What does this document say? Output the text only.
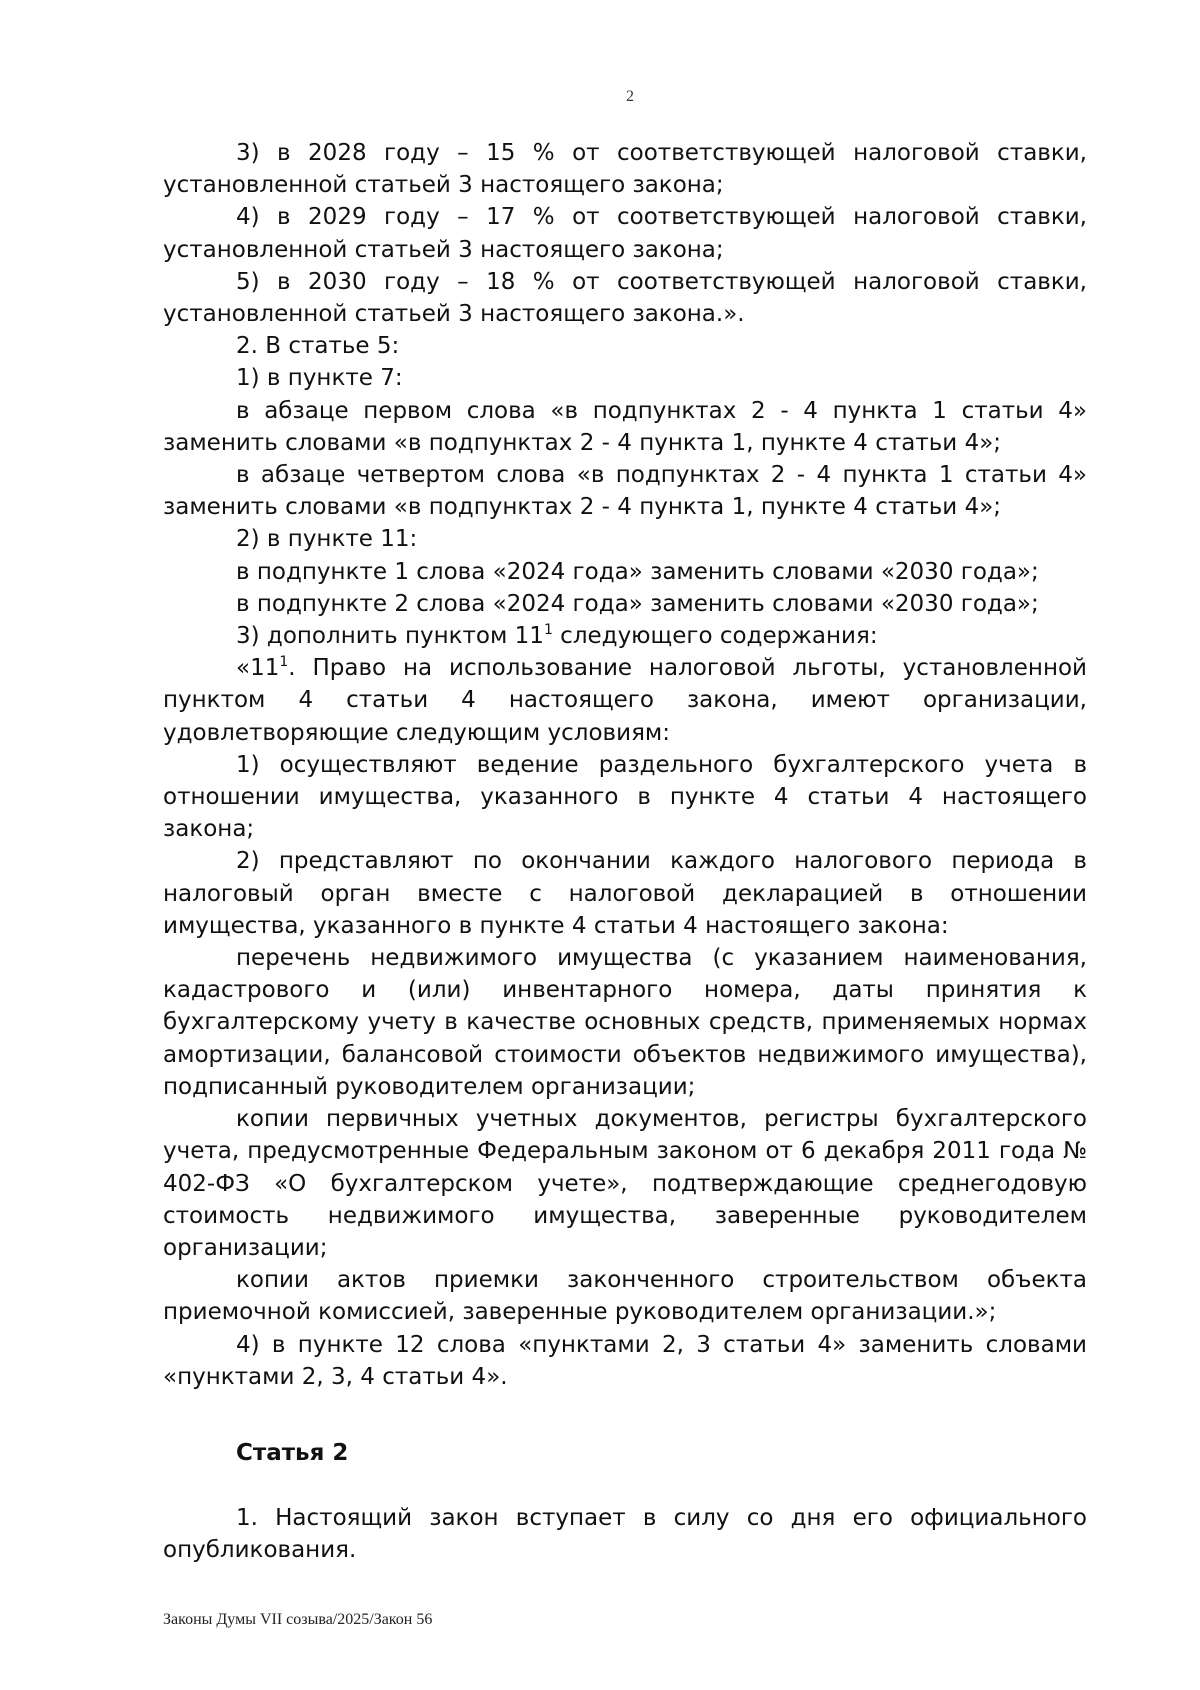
2

3) в 2028 году – 15 % от соответствующей налоговой ставки, установленной статьей 3 настоящего закона;

4) в 2029 году – 17 % от соответствующей налоговой ставки, установленной статьей 3 настоящего закона;

5) в 2030 году – 18 % от соответствующей налоговой ставки, установленной статьей 3 настоящего закона.».

2. В статье 5:

1) в пункте 7:

в абзаце первом слова «в подпунктах 2 - 4 пункта 1 статьи 4» заменить словами «в подпунктах 2 - 4 пункта 1, пункте 4 статьи 4»;

в абзаце четвертом слова «в подпунктах 2 - 4 пункта 1 статьи 4» заменить словами «в подпунктах 2 - 4 пункта 1, пункте 4 статьи 4»;

2) в пункте 11:

в подпункте 1 слова «2024 года» заменить словами «2030 года»;

в подпункте 2 слова «2024 года» заменить словами «2030 года»;

3) дополнить пунктом $11^1$ следующего содержания:

«$11^1$. Право на использование налоговой льготы, установленной пунктом 4 статьи 4 настоящего закона, имеют организации, удовлетворяющие следующим условиям:

1) осуществляют ведение раздельного бухгалтерского учета в отношении имущества, указанного в пункте 4 статьи 4 настоящего закона;

2) представляют по окончании каждого налогового периода в налоговый орган вместе с налоговой декларацией в отношении имущества, указанного в пункте 4 статьи 4 настоящего закона:

перечень недвижимого имущества (с указанием наименования, кадастрового и (или) инвентарного номера, даты принятия к бухгалтерскому учету в качестве основных средств, применяемых нормах амортизации, балансовой стоимости объектов недвижимого имущества), подписанный руководителем организации;

копии первичных учетных документов, регистры бухгалтерского учета, предусмотренные Федеральным законом от 6 декабря 2011 года № 402-ФЗ «О бухгалтерском учете», подтверждающие среднегодовую стоимость недвижимого имущества, заверенные руководителем организации;

копии актов приемки законченного строительством объекта приемочной комиссией, заверенные руководителем организации.»;

4) в пункте 12 слова «пунктами 2, 3 статьи 4» заменить словами «пунктами 2, 3, 4 статьи 4».

Статья 2

1. Настоящий закон вступает в силу со дня его официального опубликования.

Законы Думы VII созыва/2025/Закон 56
